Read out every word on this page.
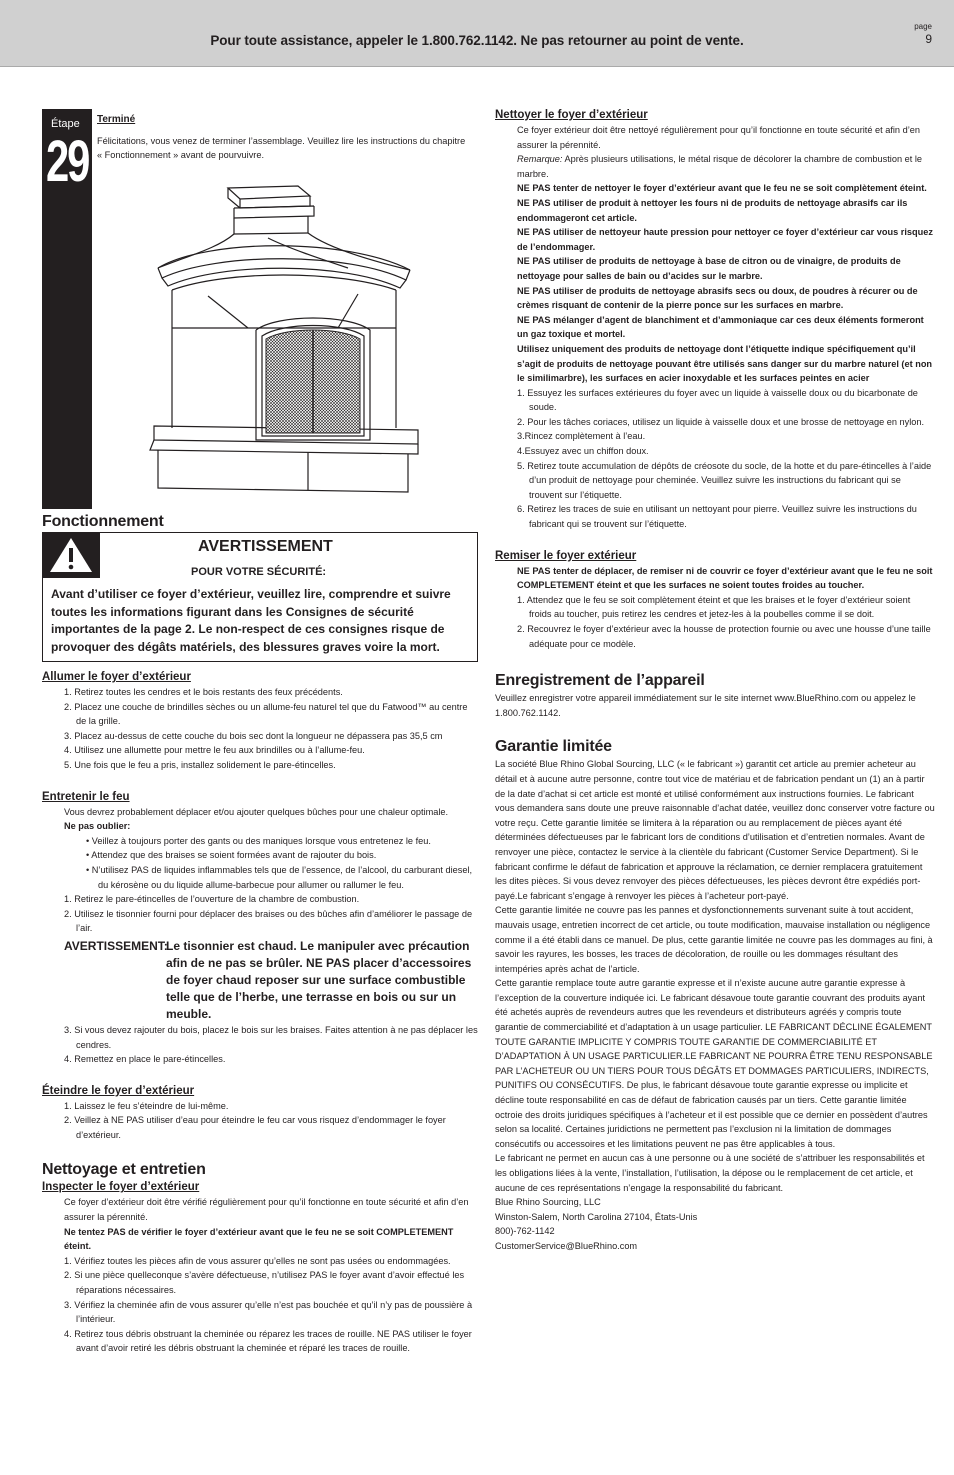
Pour toute assistance, appeler le 1.800.762.1142. Ne pas retourner au point de vente.
page
9
Étape
29

Terminé

Félicitations, vous venez de terminer l’assemblage. Veuillez lire les instructions du chapitre « Fonctionnement » avant de pourvuivre.

Fonctionnement
AVERTISSEMENT
POUR VOTRE SÉCURITÉ:
Avant d’utiliser ce foyer d’extérieur, veuillez lire, comprendre et suivre toutes les informations figurant dans les Consignes de sécurité importantes de la page 2. Le non-respect de ces consignes risque de provoquer des dégâts matériels, des blessures graves voire la mort.
Allumer le foyer d’extérieur

1. Retirez toutes les cendres et le bois restants des feux précédents.

2. Placez une couche de brindilles sèches ou un allume-feu naturel tel que du Fatwood™ au centre de la grille.

3. Placez au-dessus de cette couche du bois sec dont la longueur ne dépassera pas 35,5 cm

4. Utilisez une allumette pour mettre le feu aux brindilles ou à l’allume-feu.

5. Une fois que le feu a pris, installez solidement le pare-étincelles.

Entretenir le feu

Vous devrez probablement déplacer et/ou ajouter quelques bûches pour une chaleur optimale.

Ne pas oublier:

• Veillez à toujours porter des gants ou des maniques lorsque vous entretenez le feu.

• Attendez que des braises se soient formées avant de rajouter du bois.

• N’utilisez PAS de liquides inflammables tels que de l’essence, de l’alcool, du carburant diesel, du kérosène ou du liquide allume-barbecue pour allumer ou rallumer le feu.

1. Retirez le pare-étincelles de l’ouverture de la chambre de combustion.

2. Utilisez le tisonnier fourni pour déplacer des braises ou des bûches afin d’améliorer le passage de l’air.

AVERTISSEMENT:

Le tisonnier est chaud. Le manipuler avec précaution afin de ne pas se brûler. NE PAS placer d’accessoires de foyer chaud reposer sur une surface combustible telle que de l’herbe, une terrasse en bois ou sur un meuble.

3. Si vous devez rajouter du bois, placez le bois sur les braises. Faites attention à ne pas déplacer les cendres.

4. Remettez en place le pare-étincelles.

Éteindre le foyer d’extérieur

1. Laissez le feu s’éteindre de lui-même.

2. Veillez à NE PAS utiliser d’eau pour éteindre le feu car vous risquez d’endommager le foyer d’extérieur.

Nettoyage et entretien
Inspecter le foyer d’extérieur

Ce foyer d’extérieur doit être vérifié régulièrement pour qu’il fonctionne en toute sécurité et afin d’en assurer la pérennité.

Ne tentez PAS de vérifier le foyer d’extérieur avant que le feu ne se soit COMPLETEMENT éteint.

1. Vérifiez toutes les pièces afin de vous assurer qu’elles ne sont pas usées ou endommagées.

2. Si une pièce quelleconque s’avère défectueuse, n’utilisez PAS le foyer avant d’avoir effectué les réparations nécessaires.

3. Vérifiez la cheminée afin de vous assurer qu’elle n’est pas bouchée et qu’il n’y pas de poussière à l’intérieur.

4. Retirez tous débris obstruant la cheminée ou réparez les traces de rouille. NE PAS utiliser le foyer avant d’avoir retiré les débris obstruant la cheminée et réparé les traces de rouille.

Nettoyer le foyer d’extérieur

Ce foyer extérieur doit être nettoyé régulièrement pour qu’il fonctionne en toute sécurité et afin d’en assurer la pérennité.

Remarque: Après plusieurs utilisations, le métal risque de décolorer la chambre de combustion et le marbre.

NE PAS tenter de nettoyer le foyer d’extérieur avant que le feu ne se soit complètement éteint.

NE PAS utiliser de produit à nettoyer les fours ni de produits de nettoyage abrasifs car ils endommageront cet article.

NE PAS utiliser de nettoyeur haute pression pour nettoyer ce foyer d’extérieur car vous risquez de l’endommager.

NE PAS utiliser de produits de nettoyage à base de citron ou de vinaigre, de produits de nettoyage pour salles de bain ou d’acides sur le marbre.

NE PAS utiliser de produits de nettoyage abrasifs secs ou doux, de poudres à récurer ou de crèmes risquant de contenir de la pierre ponce sur les surfaces en marbre.

NE PAS mélanger d’agent de blanchiment et d’ammoniaque car ces deux éléments formeront un gaz toxique et mortel.

Utilisez uniquement des produits de nettoyage dont l’étiquette indique spécifiquement qu’il s’agit de produits de nettoyage pouvant être utilisés sans danger sur du marbre naturel (et non le similimarbre), les surfaces en acier inoxydable et les surfaces peintes en acier

1. Essuyez les surfaces extérieures du foyer avec un liquide à vaisselle doux ou du bicarbonate de soude.

2. Pour les tâches coriaces, utilisez un liquide à vaisselle doux et une brosse de nettoyage en nylon.

3.Rincez complètement à l’eau.

4.Essuyez avec un chiffon doux.

5. Retirez toute accumulation de dépôts de créosote du socle, de la hotte et du pare-étincelles à l’aide d’un produit de nettoyage pour cheminée. Veuillez suivre les instructions du fabricant qui se trouvent sur l’étiquette.

6. Retirez les traces de suie en utilisant un nettoyant pour pierre. Veuillez suivre les instructions du fabricant qui se trouvent sur l’étiquette.

Remiser le foyer extérieur

NE PAS tenter de déplacer, de remiser ni de couvrir ce foyer d’extérieur avant que le feu ne soit COMPLETEMENT éteint et que les surfaces ne soient toutes froides au toucher.

1. Attendez que le feu se soit complètement éteint et que les braises et le foyer d’extérieur soient froids au toucher, puis retirez les cendres et jetez-les à la poubelles comme il se doit.

2. Recouvrez le foyer d’extérieur avec la housse de protection fournie ou avec une housse d’une taille adéquate pour ce modèle.

Enregistrement de l’appareil

Veuillez enregistrer votre appareil immédiatement sur le site internet www.BlueRhino.com ou appelez le 1.800.762.1142.

Garantie limitée

La société Blue Rhino Global Sourcing, LLC (« le fabricant ») garantit cet article au premier acheteur au détail et à aucune autre personne, contre tout vice de matériau et de fabrication pendant un (1) an à partir de la date d’achat si cet article est monté et utilisé conformément aux instructions fournies. Le fabricant vous demandera sans doute une preuve raisonnable d’achat datée, veuillez donc conserver votre facture ou votre reçu. Cette garantie limitée se limitera à la réparation ou au remplacement de pièces ayant été déterminées défectueuses par le fabricant lors de conditions d’utilisation et d’entretien normales. Avant de renvoyer une pièce, contactez le service à la clientèle du fabricant (Customer Service Department). Si le fabricant confirme le défaut de fabrication et approuve la réclamation, ce dernier remplacera gratuitement les dites pièces. Si vous devez renvoyer des pièces défectueuses, les pièces devront être expédiés port-payé.Le fabricant s’engage à renvoyer les pièces à l’acheteur port-payé.

Cette garantie limitée ne couvre pas les pannes et dysfonctionnements survenant suite à tout accident, mauvais usage, entretien incorrect de cet article, ou toute modification, mauvaise installation ou négligence comme il a été établi dans ce manuel. De plus, cette garantie limitée ne couvre pas les dommages au fini, à savoir les rayures, les bosses, les traces de décoloration, de rouille ou les dommages résultant des intempéries après achat de l’article.

Cette garantie remplace toute autre garantie expresse et il n’existe aucune autre garantie expresse à l’exception de la couverture indiquée ici. Le fabricant désavoue toute garantie couvrant des produits ayant été achetés auprès de revendeurs autres que les revendeurs et distributeurs agréés y compris toute garantie de commerciabilité et d’adaptation à un usage particulier. LE FABRICANT DÉCLINE ÉGALEMENT TOUTE GARANTIE IMPLICITE Y COMPRIS TOUTE GARANTIE DE COMMERCIABILITÉ ET D’ADAPTATION À UN USAGE PARTICULIER.LE FABRICANT NE POURRA ÊTRE TENU RESPONSABLE PAR L’ACHETEUR OU UN TIERS POUR TOUS DÉGÂTS ET DOMMAGES PARTICULIERS, INDIRECTS, PUNITIFS OU CONSÉCUTIFS. De plus, le fabricant désavoue toute garantie expresse ou implicite et décline toute responsabilité en cas de défaut de fabrication causés par un tiers. Cette garantie limitée octroie des droits juridiques spécifiques à l’acheteur et il est possible que ce dernier en possèdent d’autres selon sa localité. Certaines juridictions ne permettent pas l’exclusion ni la limitation de dommages consécutifs ou accessoires et les limitations peuvent ne pas être applicables à tous.

Le fabricant ne permet en aucun cas à une personne ou à une société de s’attribuer les responsabilités et les obligations liées à la vente, l’installation, l’utilisation, la dépose ou le remplacement de cet article, et aucune de ces représentations n’engage la responsabilité du fabricant.

Blue Rhino Sourcing, LLC

Winston-Salem, North Carolina 27104, États-Unis

800)-762-1142

CustomerService@BlueRhino.com
